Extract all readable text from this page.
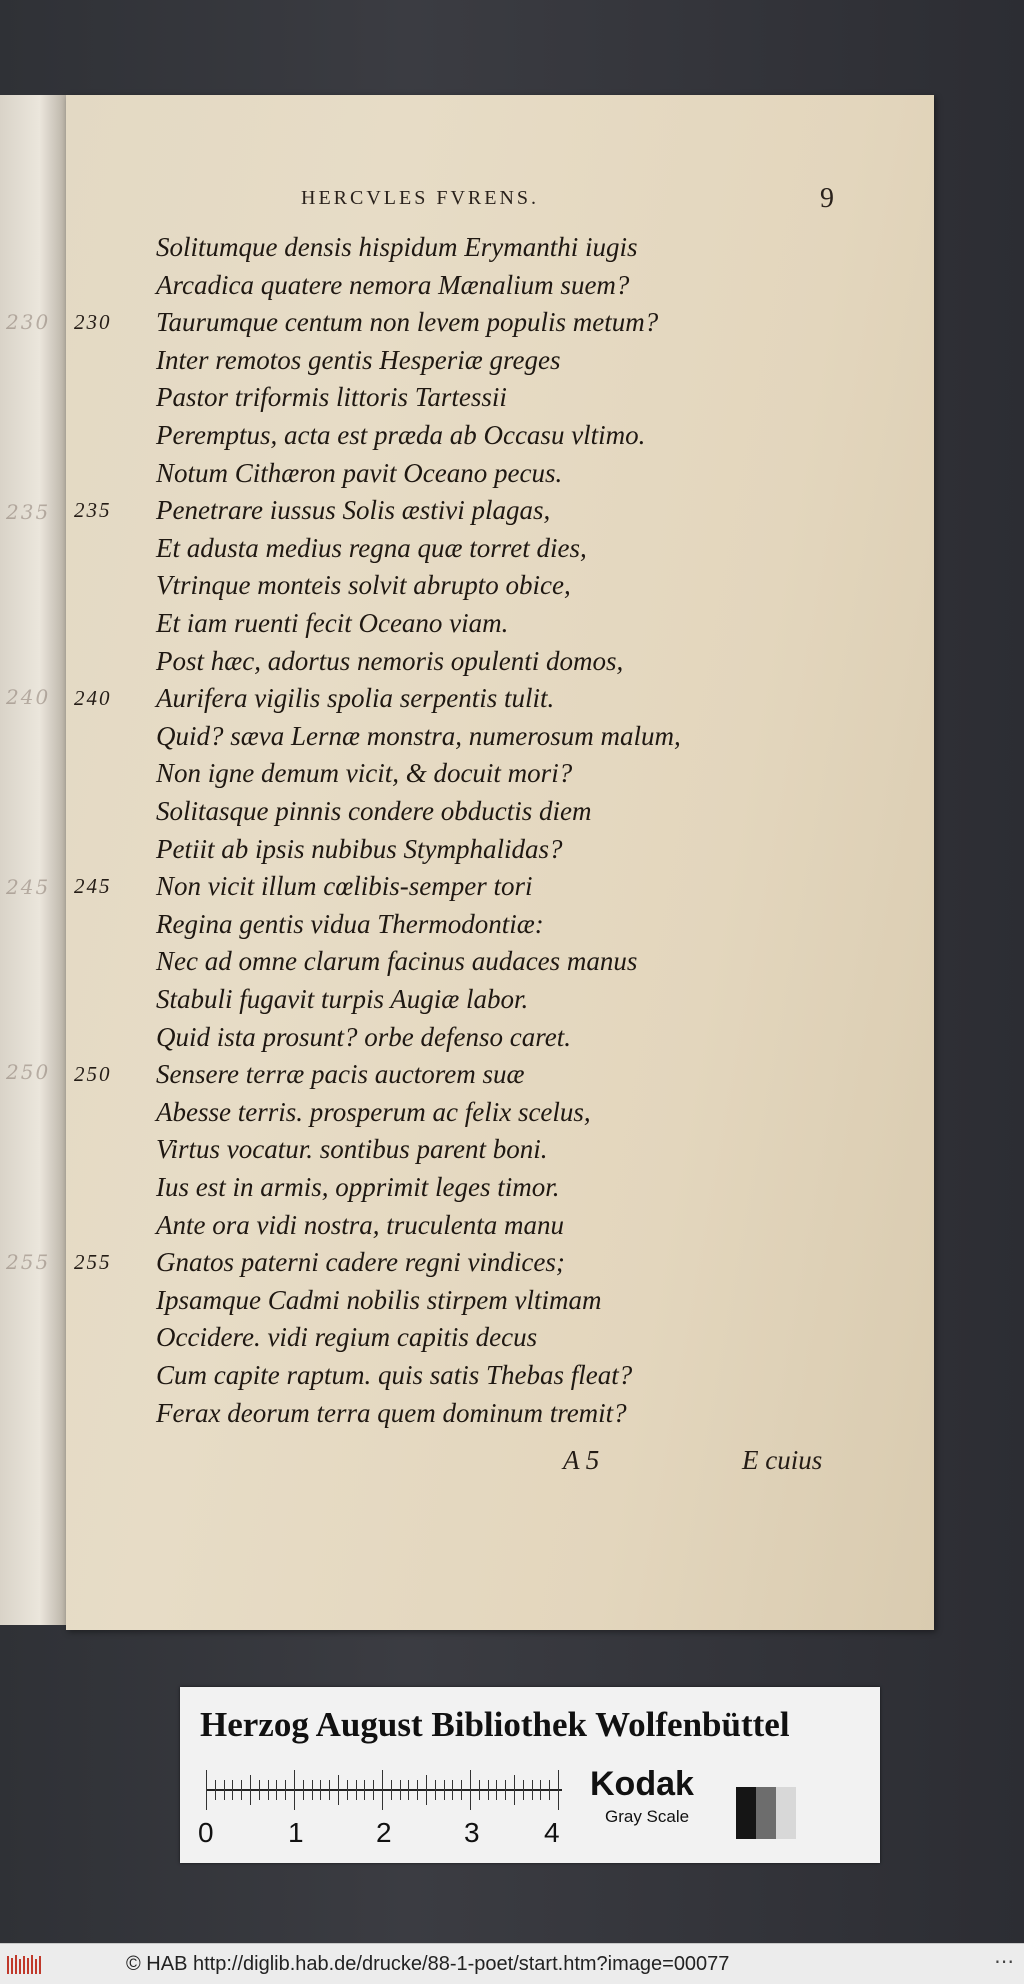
230
235
240
245
250
255
HERCVLES FVRENS.	9
Solitumque densis hispidum Erymanthi iugis
Arcadica quatere nemora Mænalium suem?
230 Taurumque centum non levem populis metum?
Inter remotos gentis Hesperiæ greges
Pastor triformis littoris Tartessii
Peremptus, acta est præda ab Occasu vltimo.
Notum Cithæron pavit Oceano pecus.
235 Penetrare iussus Solis æstivi plagas,
Et adusta medius regna quæ torret dies,
Vtrinque monteis solvit abrupto obice,
Et iam ruenti fecit Oceano viam.
Post hæc, adortus nemoris opulenti domos,
240 Aurifera vigilis spolia serpentis tulit.
Quid? sæva Lernæ monstra, numerosum malum,
Non igne demum vicit, & docuit mori?
Solitasque pinnis condere obductis diem
Petiit ab ipsis nubibus Stymphalidas?
245 Non vicit illum cœlibis-semper tori
Regina gentis vidua Thermodontiæ:
Nec ad omne clarum facinus audaces manus
Stabuli fugavit turpis Augiæ labor.
Quid ista prosunt? orbe defenso caret.
250 Sensere terræ pacis auctorem suæ
Abesse terris. prosperum ac felix scelus,
Virtus vocatur. sontibus parent boni.
Ius est in armis, opprimit leges timor.
Ante ora vidi nostra, truculenta manu
255 Gnatos paterni cadere regni vindices;
Ipsamque Cadmi nobilis stirpem vltimam
Occidere. vidi regium capitis decus
Cum capite raptum. quis satis Thebas fleat?
Ferax deorum terra quem dominum tremit?
A 5	E cuius
Herzog August Bibliothek Wolfenbüttel
0	1	2	3 4
Kodak
Gray Scale
© HAB http://diglib.hab.de/drucke/88-1-poet/start.htm?image=00077	⋯
